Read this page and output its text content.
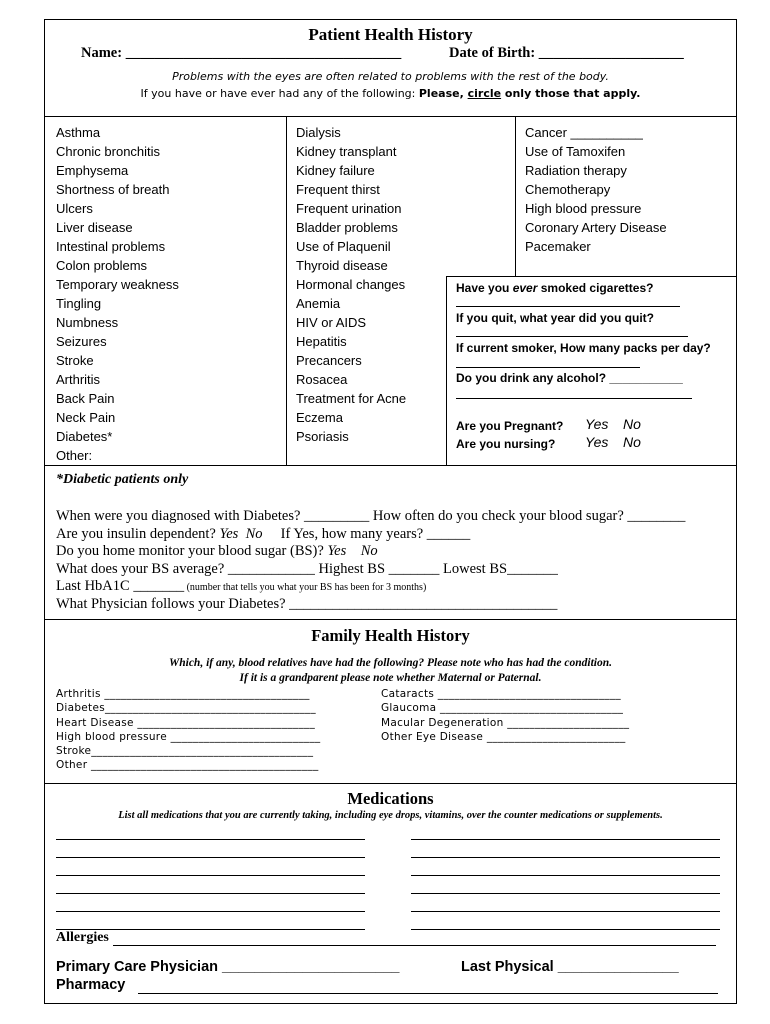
Patient Health History
Name: ______________________________________	Date of Birth: ____________________
Problems with the eyes are often related to problems with the rest of the body.
If you have or have ever had any of the following: Please, circle only those that apply.
Asthma
Chronic bronchitis
Emphysema
Shortness of breath
Ulcers
Liver disease
Intestinal problems
Colon problems
Temporary weakness
Tingling
Numbness
Seizures
Stroke
Arthritis
Back Pain
Neck Pain
Diabetes*
Other:
Dialysis
Kidney transplant
Kidney failure
Frequent thirst
Frequent urination
Bladder problems
Use of Plaquenil
Thyroid disease
Hormonal changes
Anemia
HIV or AIDS
Hepatitis
Precancers
Rosacea
Treatment for Acne
Eczema
Psoriasis
Cancer __________
Use of Tamoxifen
Radiation therapy
Chemotherapy
High blood pressure
Coronary Artery Disease
Pacemaker
Have you ever smoked cigarettes?
If you quit, what year did you quit?
If current smoker, How many packs per day?
Do you drink any alcohol? ___________
Are you Pregnant? Yes No
Are you nursing? Yes No
*Diabetic patients only
When were you diagnosed with Diabetes? _________ How often do you check your blood sugar? ________
Are you insulin dependent? Yes No If Yes, how many years? ______
Do you home monitor your blood sugar (BS)? Yes No
What does your BS average? ____________ Highest BS _______ Lowest BS_______
Last HbA1C _______ (number that tells you what your BS has been for 3 months)
What Physician follows your Diabetes? _____________________________________
Family Health History
Which, if any, blood relatives have had the following? Please note who has had the condition.
If it is a grandparent please note whether Maternal or Paternal.
Arthritis _____________________________________
Diabetes______________________________________
Heart Disease ________________________________
High blood pressure ___________________________
Stroke________________________________________
Other _________________________________________
Cataracts _________________________________
Glaucoma _________________________________
Macular Degeneration ______________________
Other Eye Disease _________________________
Medications
List all medications that you are currently taking, including eye drops, vitamins, over the counter medications or supplements.
Allergies
Primary Care Physician ______________________	Last Physical _______________
Pharmacy
